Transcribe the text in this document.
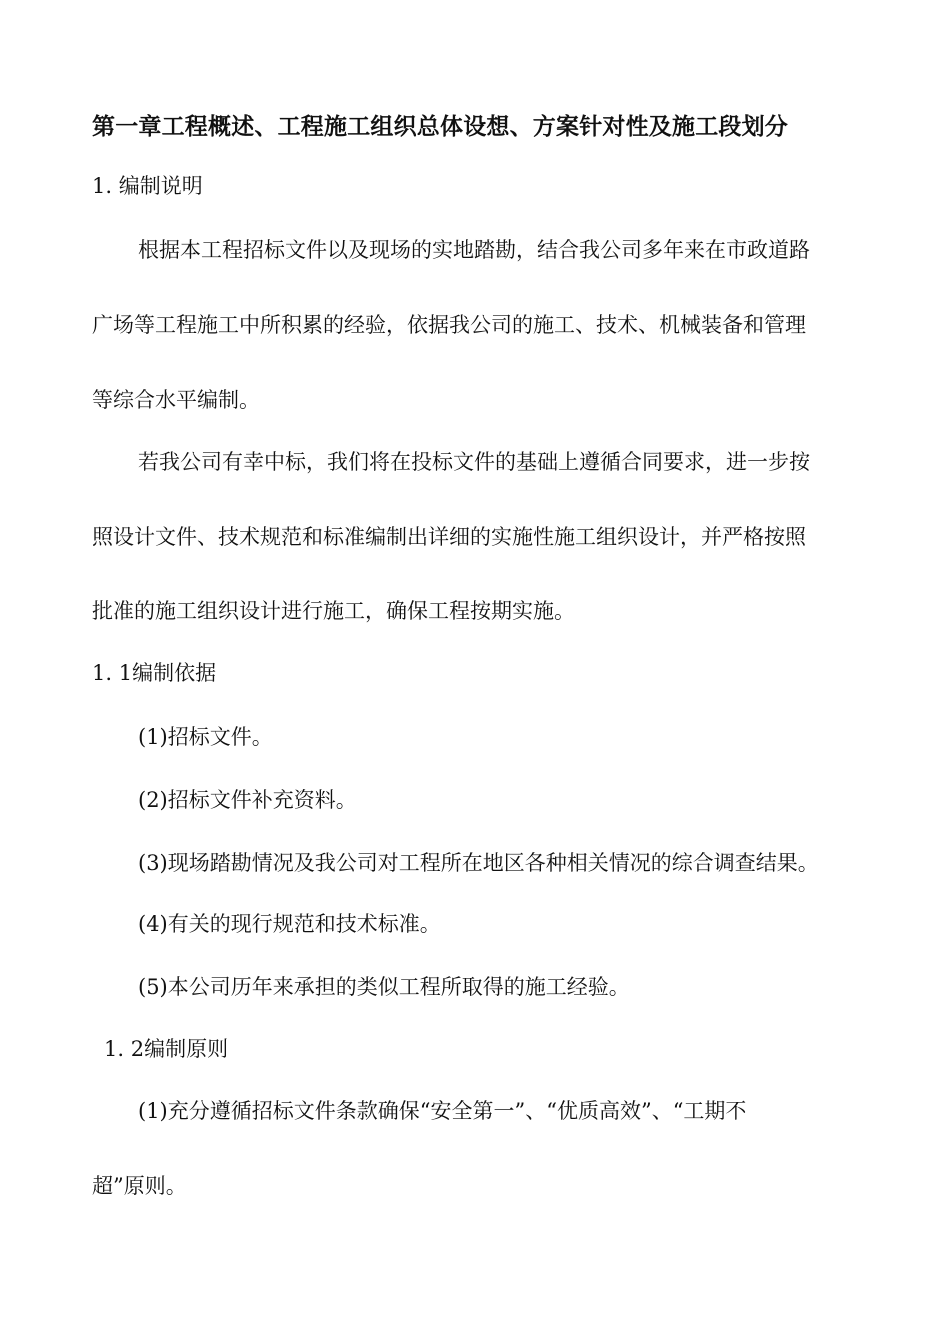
第一章工程概述、工程施工组织总体设想、方案针对性及施工段划分
1. 编制说明
根据本工程招标文件以及现场的实地踏勘，结合我公司多年来在市政道路
广场等工程施工中所积累的经验，依据我公司的施工、技术、机械装备和管理
等综合水平编制。
若我公司有幸中标，我们将在投标文件的基础上遵循合同要求，进一步按
照设计文件、技术规范和标准编制出详细的实施性施工组织设计，并严格按照
批准的施工组织设计进行施工，确保工程按期实施。
1. 1编制依据
(1)招标文件。
(2)招标文件补充资料。
(3)现场踏勘情况及我公司对工程所在地区各种相关情况的综合调查结果。
(4)有关的现行规范和技术标准。
(5)本公司历年来承担的类似工程所取得的施工经验。
1. 2编制原则
(1)充分遵循招标文件条款确保“安全第一”、“优质高效”、“工期不
超”原则。
